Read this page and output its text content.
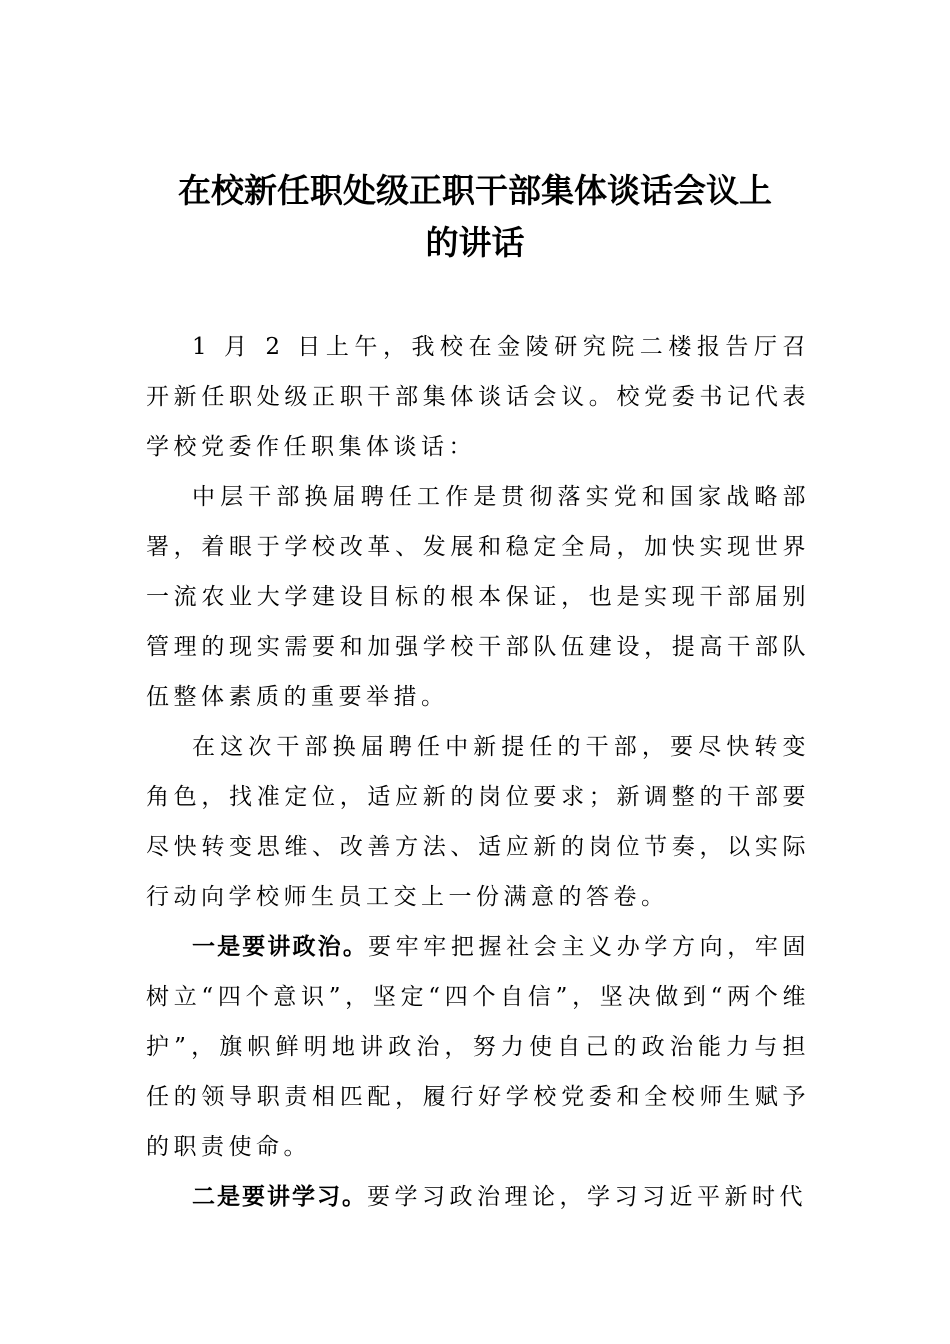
在校新任职处级正职干部集体谈话会议上
的讲话

1 月 2 日上午，我校在金陵研究院二楼报告厅召开新任职处级正职干部集体谈话会议。校党委书记代表学校党委作任职集体谈话：

中层干部换届聘任工作是贯彻落实党和国家战略部署，着眼于学校改革、发展和稳定全局，加快实现世界一流农业大学建设目标的根本保证，也是实现干部届别管理的现实需要和加强学校干部队伍建设，提高干部队伍整体素质的重要举措。

在这次干部换届聘任中新提任的干部，要尽快转变角色，找准定位，适应新的岗位要求；新调整的干部要尽快转变思维、改善方法、适应新的岗位节奏，以实际行动向学校师生员工交上一份满意的答卷。

一是要讲政治。要牢牢把握社会主义办学方向，牢固树立“四个意识”，坚定“四个自信”，坚决做到“两个维护”，旗帜鲜明地讲政治，努力使自己的政治能力与担任的领导职责相匹配，履行好学校党委和全校师生赋予的职责使命。

二是要讲学习。要学习政治理论，学习习近平新时代
